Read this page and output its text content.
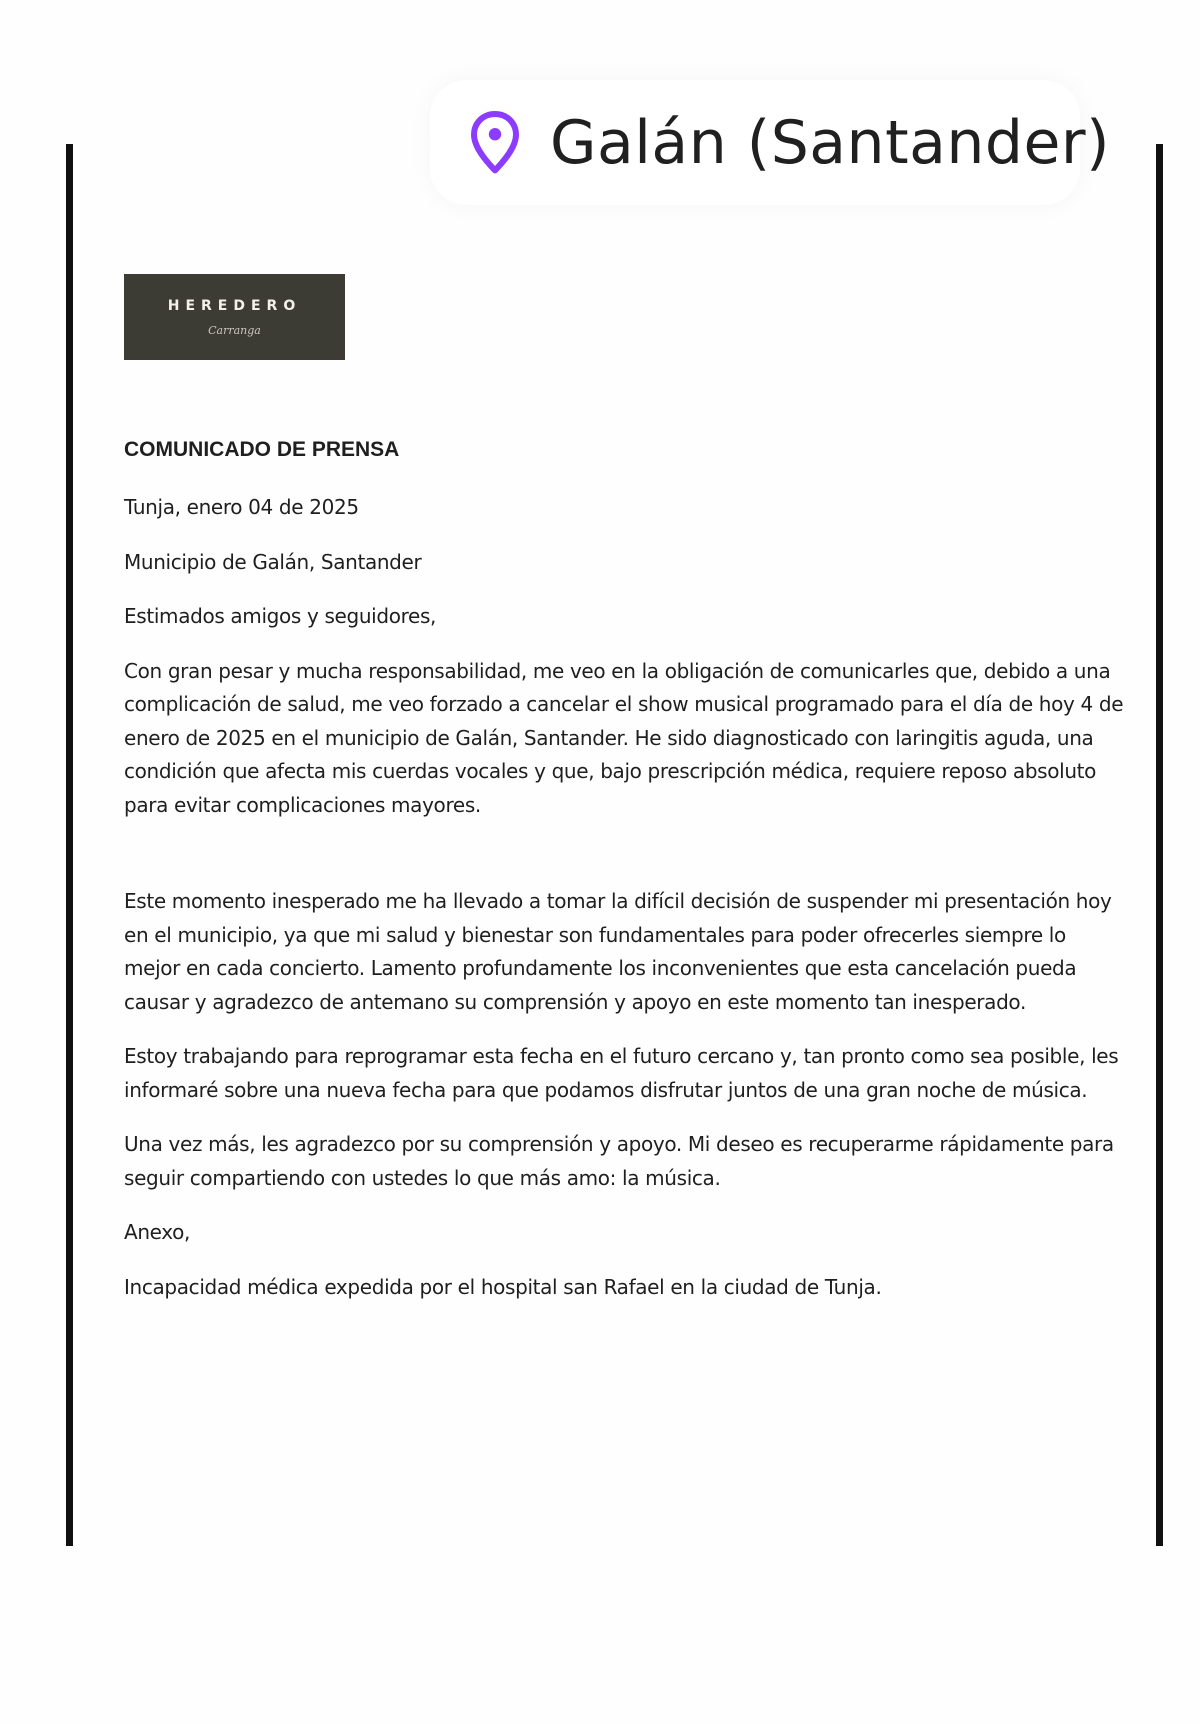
Galán (Santander)
HEREDERO
Carranga
COMUNICADO DE PRENSA

Tunja, enero 04 de 2025

Municipio de Galán, Santander

Estimados amigos y seguidores,

Con gran pesar y mucha responsabilidad, me veo en la obligación de comunicarles que, debido a una complicación de salud, me veo forzado a cancelar el show musical programado para el día de hoy 4 de enero de 2025 en el municipio de Galán, Santander. He sido diagnosticado con laringitis aguda, una condición que afecta mis cuerdas vocales y que, bajo prescripción médica, requiere reposo absoluto para evitar complicaciones mayores.

Este momento inesperado me ha llevado a tomar la difícil decisión de suspender mi presentación hoy en el municipio, ya que mi salud y bienestar son fundamentales para poder ofrecerles siempre lo mejor en cada concierto. Lamento profundamente los inconvenientes que esta cancelación pueda causar y agradezco de antemano su comprensión y apoyo en este momento tan inesperado.

Estoy trabajando para reprogramar esta fecha en el futuro cercano y, tan pronto como sea posible, les informaré sobre una nueva fecha para que podamos disfrutar juntos de una gran noche de música.

Una vez más, les agradezco por su comprensión y apoyo. Mi deseo es recuperarme rápidamente para seguir compartiendo con ustedes lo que más amo: la música.

Anexo,

Incapacidad médica expedida por el hospital san Rafael en la ciudad de Tunja.
